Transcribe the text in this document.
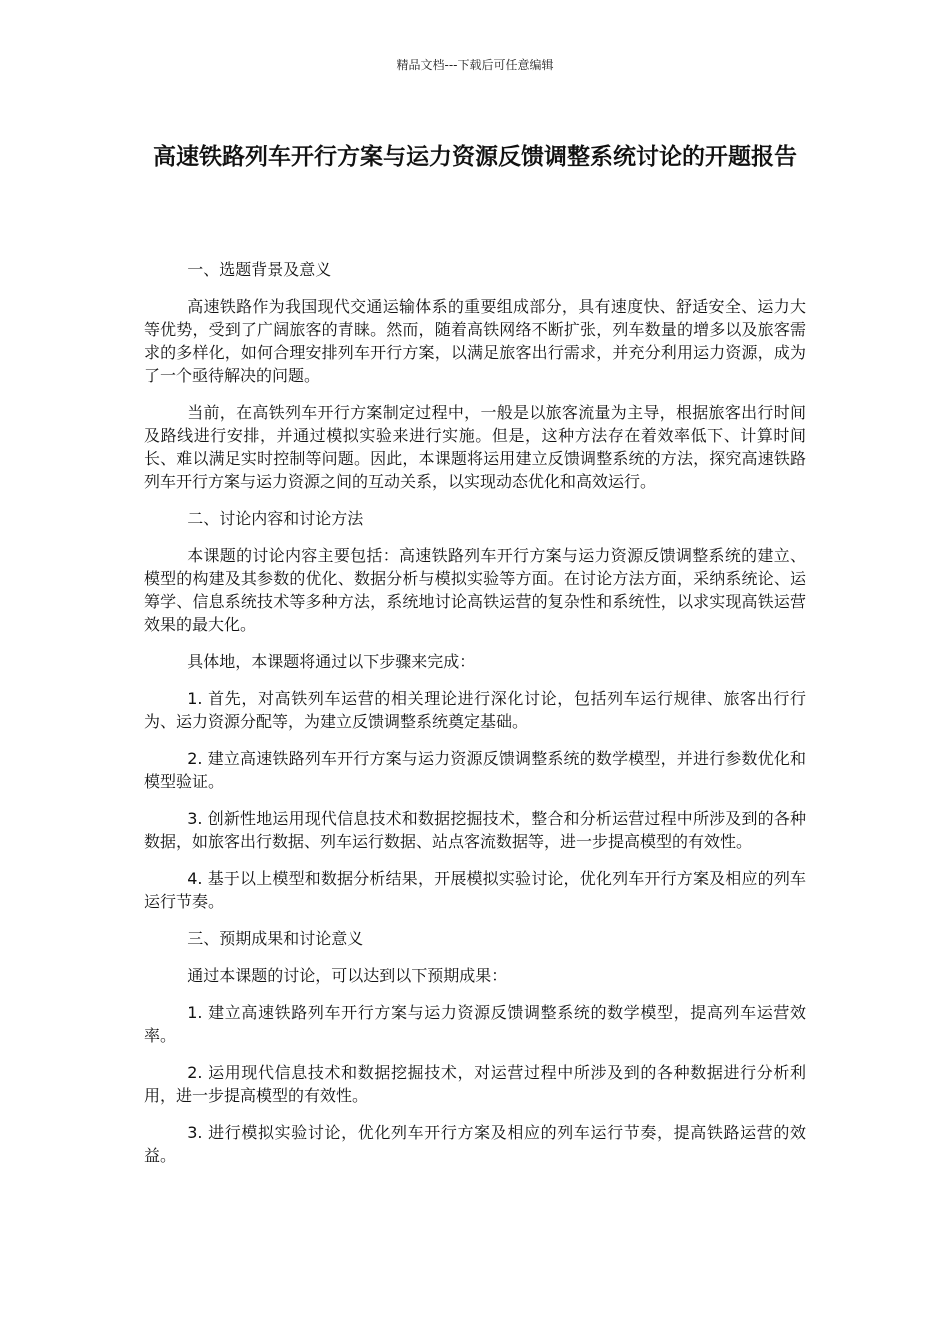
精品文档---下载后可任意编辑
高速铁路列车开行方案与运力资源反馈调整系统讨论的开题报告

一、选题背景及意义

高速铁路作为我国现代交通运输体系的重要组成部分，具有速度快、舒适安全、运力大等优势，受到了广阔旅客的青睐。然而，随着高铁网络不断扩张，列车数量的增多以及旅客需求的多样化，如何合理安排列车开行方案，以满足旅客出行需求，并充分利用运力资源，成为了一个亟待解决的问题。

当前，在高铁列车开行方案制定过程中，一般是以旅客流量为主导，根据旅客出行时间及路线进行安排，并通过模拟实验来进行实施。但是，这种方法存在着效率低下、计算时间长、难以满足实时控制等问题。因此，本课题将运用建立反馈调整系统的方法，探究高速铁路列车开行方案与运力资源之间的互动关系，以实现动态优化和高效运行。

二、讨论内容和讨论方法

本课题的讨论内容主要包括：高速铁路列车开行方案与运力资源反馈调整系统的建立、模型的构建及其参数的优化、数据分析与模拟实验等方面。在讨论方法方面，采纳系统论、运筹学、信息系统技术等多种方法，系统地讨论高铁运营的复杂性和系统性，以求实现高铁运营效果的最大化。

具体地，本课题将通过以下步骤来完成：

1. 首先，对高铁列车运营的相关理论进行深化讨论，包括列车运行规律、旅客出行行为、运力资源分配等，为建立反馈调整系统奠定基础。

2. 建立高速铁路列车开行方案与运力资源反馈调整系统的数学模型，并进行参数优化和模型验证。

3. 创新性地运用现代信息技术和数据挖掘技术，整合和分析运营过程中所涉及到的各种数据，如旅客出行数据、列车运行数据、站点客流数据等，进一步提高模型的有效性。

4. 基于以上模型和数据分析结果，开展模拟实验讨论，优化列车开行方案及相应的列车运行节奏。

三、预期成果和讨论意义

通过本课题的讨论，可以达到以下预期成果：

1. 建立高速铁路列车开行方案与运力资源反馈调整系统的数学模型，提高列车运营效率。

2. 运用现代信息技术和数据挖掘技术，对运营过程中所涉及到的各种数据进行分析利用，进一步提高模型的有效性。

3. 进行模拟实验讨论，优化列车开行方案及相应的列车运行节奏，提高铁路运营的效益。
